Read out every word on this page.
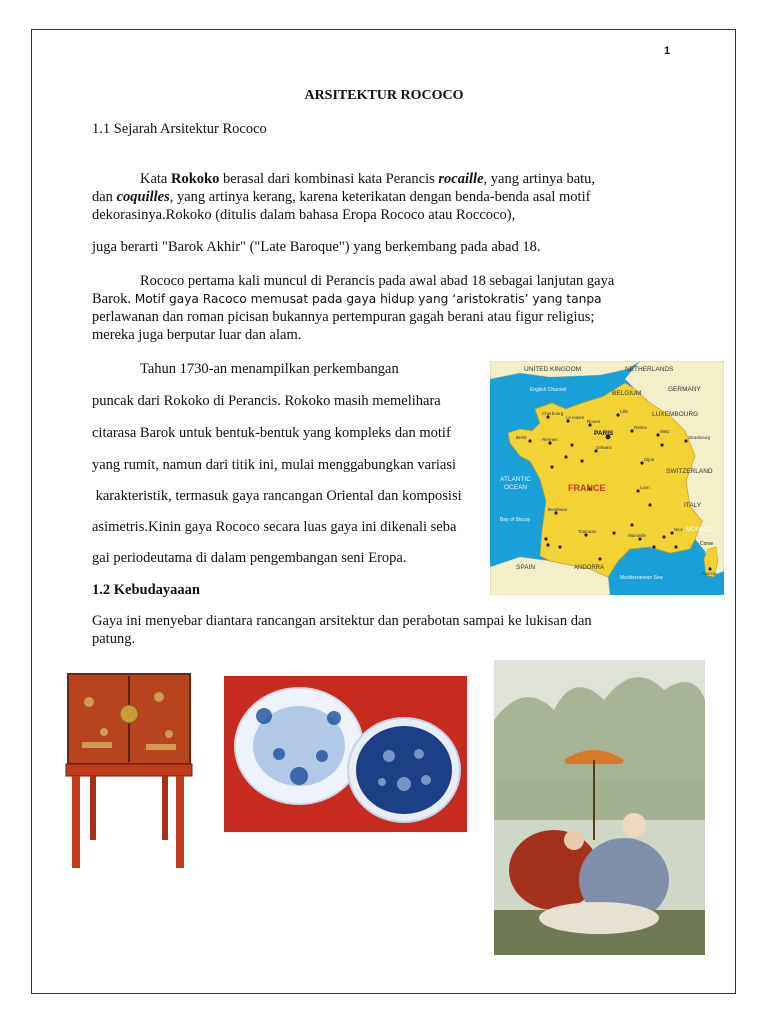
1
ARSITEKTUR ROCOCO
1.1 Sejarah Arsitektur Rococo
Kata Rokoko berasal dari kombinasi kata Perancis rocaille, yang artinya batu,
dan coquilles, yang artinya kerang, karena keterikatan dengan benda-benda asal motif
dekorasinya.Rokoko (ditulis dalam bahasa Eropa Rococo atau Roccoco),
juga berarti "Barok Akhir" ("Late Baroque") yang berkembang pada abad 18.
Rococo pertama kali muncul di Perancis pada awal abad 18 sebagai lanjutan gaya
Barok. Motif gaya Racoco memusat pada gaya hidup yang ‘aristokratis’ yang tanpa
perlawanan dan roman picisan bukannya pertempuran gagah berani atau figur religius;
mereka juga berputar luar dan alam.
Tahun 1730-an menampilkan perkembangan
puncak dari Rokoko di Perancis. Rokoko masih memelihara
citarasa Barok untuk bentuk-bentuk yang kompleks dan motif
yang rumit, namun dari titik ini, mulai menggabungkan variasi
karakteristik, termasuk gaya rancangan Oriental dan komposisi
asimetris.Kinin gaya Rococo secara luas gaya ini dikenali seba
gai periodeutama di dalam pengembangan seni Eropa.
1.2 Kebudayaaan
Gaya ini menyebar diantara rancangan arsitektur dan perabotan sampai ke lukisan dan
patung.
UNITED KINGDOM	NETHERLANDS
BELGIUM
GERMANY
LUXEMBOURG
SWITZERLAND
ITALY
MONACO
SPAIN	ANDORRA
FRANCE
PARIS
ATLANTIC
OCEAN
Bay of Biscay
English Channel
Mediterranean Sea
Corse
Cherbourg
Le Havre
Rouen
Lille
Brest	Rennes
Reims
Metz
Strasbourg
Orleans
Dijon
Lyon
Bordeaux
Toulouse
Marseille
Nice
Ajaccio
